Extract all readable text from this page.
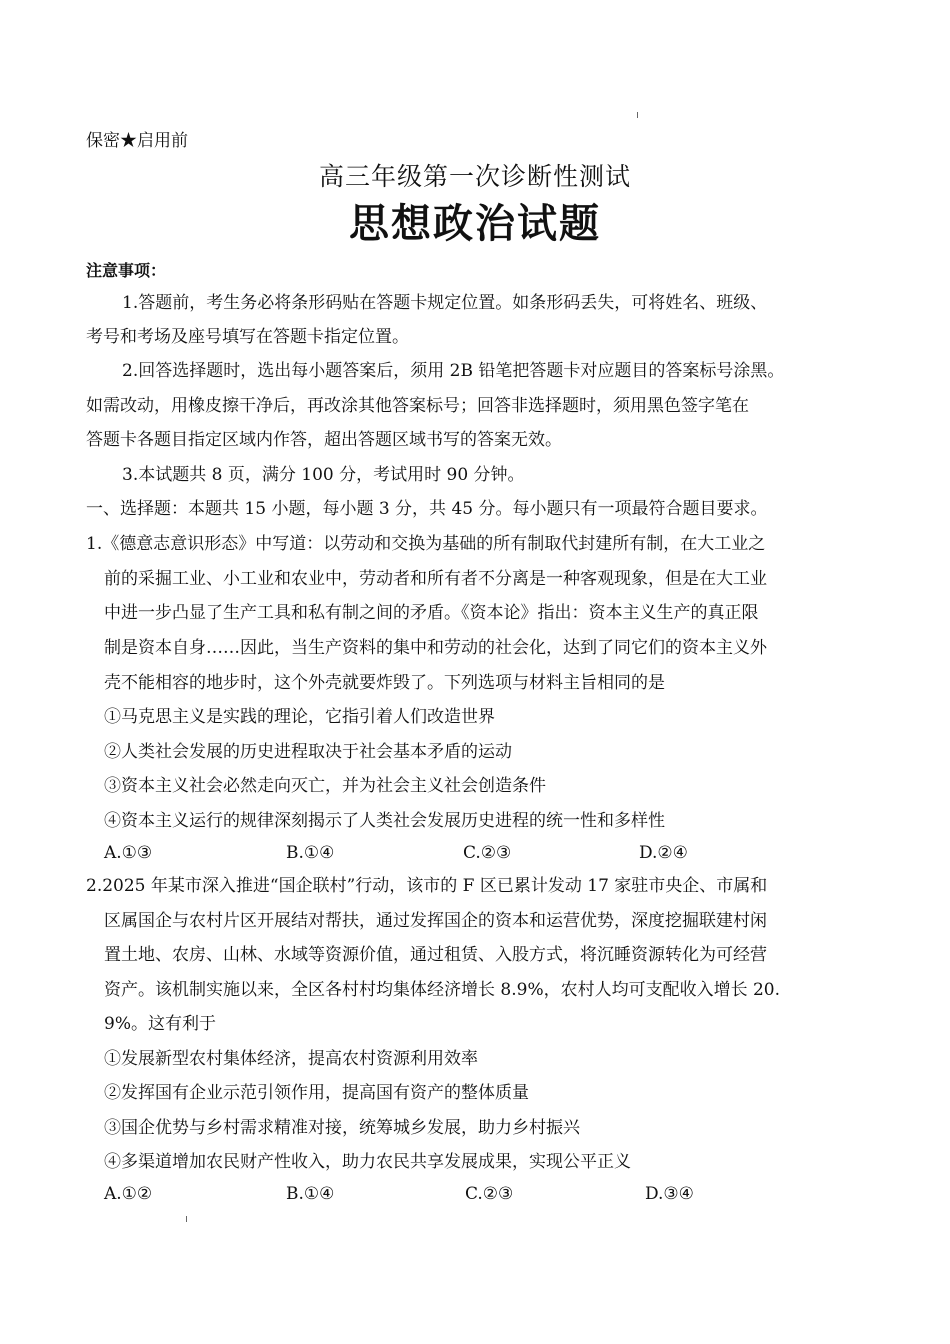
保密★启用前
高三年级第一次诊断性测试
思想政治试题
注意事项：
1.答题前，考生务必将条形码贴在答题卡规定位置。如条形码丢失，可将姓名、班级、
考号和考场及座号填写在答题卡指定位置。
2.回答选择题时，选出每小题答案后，须用 2B 铅笔把答题卡对应题目的答案标号涂黑。
如需改动，用橡皮擦干净后，再改涂其他答案标号；回答非选择题时，须用黑色签字笔在
答题卡各题目指定区域内作答，超出答题区域书写的答案无效。
3.本试题共 8 页，满分 100 分，考试用时 90 分钟。
一、选择题：本题共 15 小题，每小题 3 分，共 45 分。每小题只有一项最符合题目要求。
1.《德意志意识形态》中写道：以劳动和交换为基础的所有制取代封建所有制，在大工业之
前的采掘工业、小工业和农业中，劳动者和所有者不分离是一种客观现象，但是在大工业
中进一步凸显了生产工具和私有制之间的矛盾。《资本论》指出：资本主义生产的真正限
制是资本自身……因此，当生产资料的集中和劳动的社会化，达到了同它们的资本主义外
壳不能相容的地步时，这个外壳就要炸毁了。下列选项与材料主旨相同的是
①马克思主义是实践的理论，它指引着人们改造世界
②人类社会发展的历史进程取决于社会基本矛盾的运动
③资本主义社会必然走向灭亡，并为社会主义社会创造条件
④资本主义运行的规律深刻揭示了人类社会发展历史进程的统一性和多样性
A.①③	B.①④	C.②③	D.②④
2.2025 年某市深入推进“国企联村”行动，该市的 F 区已累计发动 17 家驻市央企、市属和
区属国企与农村片区开展结对帮扶，通过发挥国企的资本和运营优势，深度挖掘联建村闲
置土地、农房、山林、水域等资源价值，通过租赁、入股方式，将沉睡资源转化为可经营
资产。该机制实施以来，全区各村村均集体经济增长 8.9%，农村人均可支配收入增长 20.
9%。这有利于
①发展新型农村集体经济，提高农村资源利用效率
②发挥国有企业示范引领作用，提高国有资产的整体质量
③国企优势与乡村需求精准对接，统筹城乡发展，助力乡村振兴
④多渠道增加农民财产性收入，助力农民共享发展成果，实现公平正义
A.①②	B.①④	C.②③	D.③④
